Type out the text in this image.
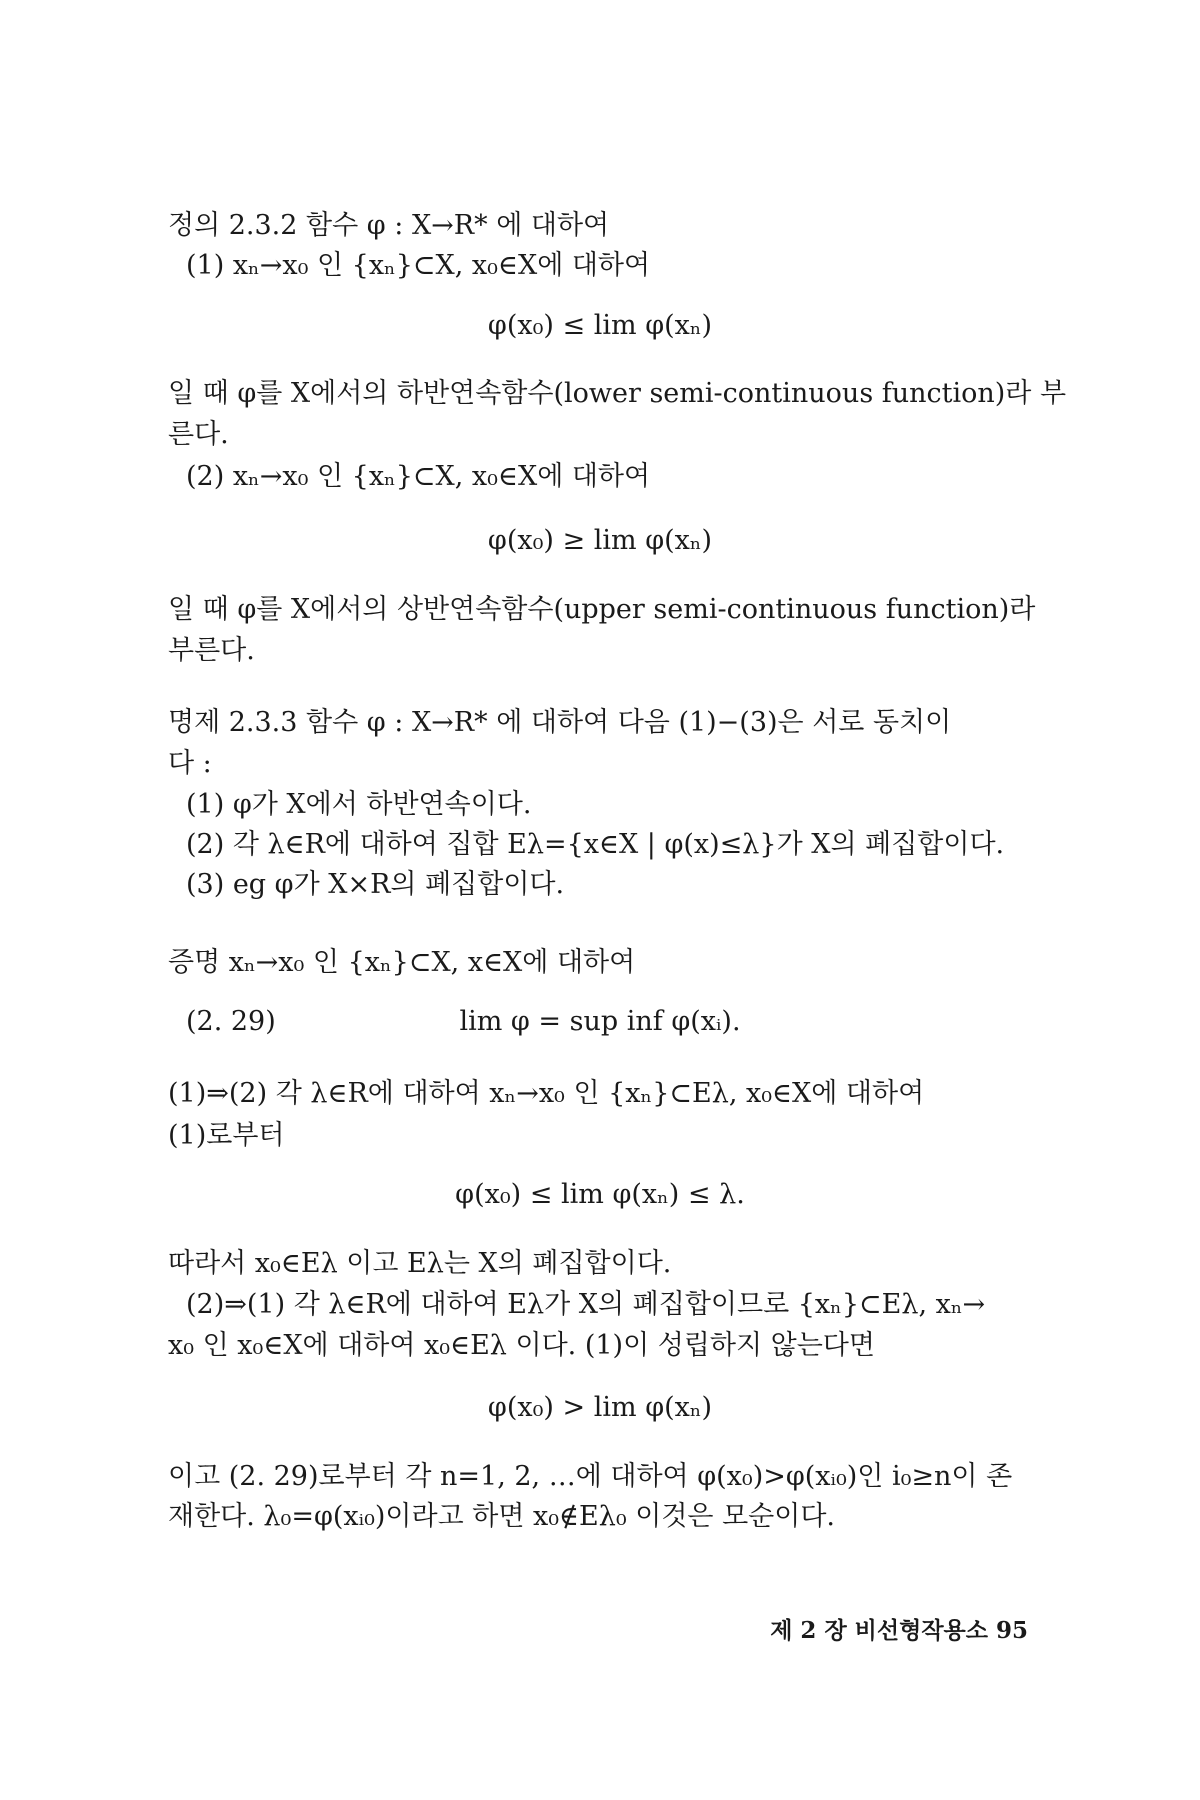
정의 2.3.2 함수 φ : X→R* 에 대하여
(1) xₙ→x₀ 인 {xₙ}⊂X, x₀∈X에 대하여
φ(x₀) ≤ lim φ(xₙ)
일 때 φ를 X에서의 하반연속함수(lower semi-continuous function)라 부
른다.
(2) xₙ→x₀ 인 {xₙ}⊂X, x₀∈X에 대하여
φ(x₀) ≥ lim φ(xₙ)
일 때 φ를 X에서의 상반연속함수(upper semi-continuous function)라
부른다.
명제 2.3.3 함수 φ : X→R* 에 대하여 다음 (1)−(3)은 서로 동치이
다 :
(1) φ가 X에서 하반연속이다.
(2) 각 λ∈R에 대하여 집합 Eλ={x∈X | φ(x)≤λ}가 X의 폐집합이다.
(3) eg φ가 X×R의 폐집합이다.
증명 xₙ→x₀ 인 {xₙ}⊂X, x∈X에 대하여
(2. 29)	lim φ = sup inf φ(xᵢ).
(1)⇒(2) 각 λ∈R에 대하여 xₙ→x₀ 인 {xₙ}⊂Eλ, x₀∈X에 대하여
(1)로부터
φ(x₀) ≤ lim φ(xₙ) ≤ λ.
따라서 x₀∈Eλ 이고 Eλ는 X의 폐집합이다.
(2)⇒(1) 각 λ∈R에 대하여 Eλ가 X의 폐집합이므로 {xₙ}⊂Eλ, xₙ→
x₀ 인 x₀∈X에 대하여 x₀∈Eλ 이다. (1)이 성립하지 않는다면
φ(x₀) > lim φ(xₙ)
이고 (2. 29)로부터 각 n=1, 2, …에 대하여 φ(x₀)>φ(xᵢ₀)인 i₀≥n이 존
재한다. λ₀=φ(xᵢ₀)이라고 하면 x₀∉Eλ₀ 이것은 모순이다.
제 2 장 비선형작용소 95
